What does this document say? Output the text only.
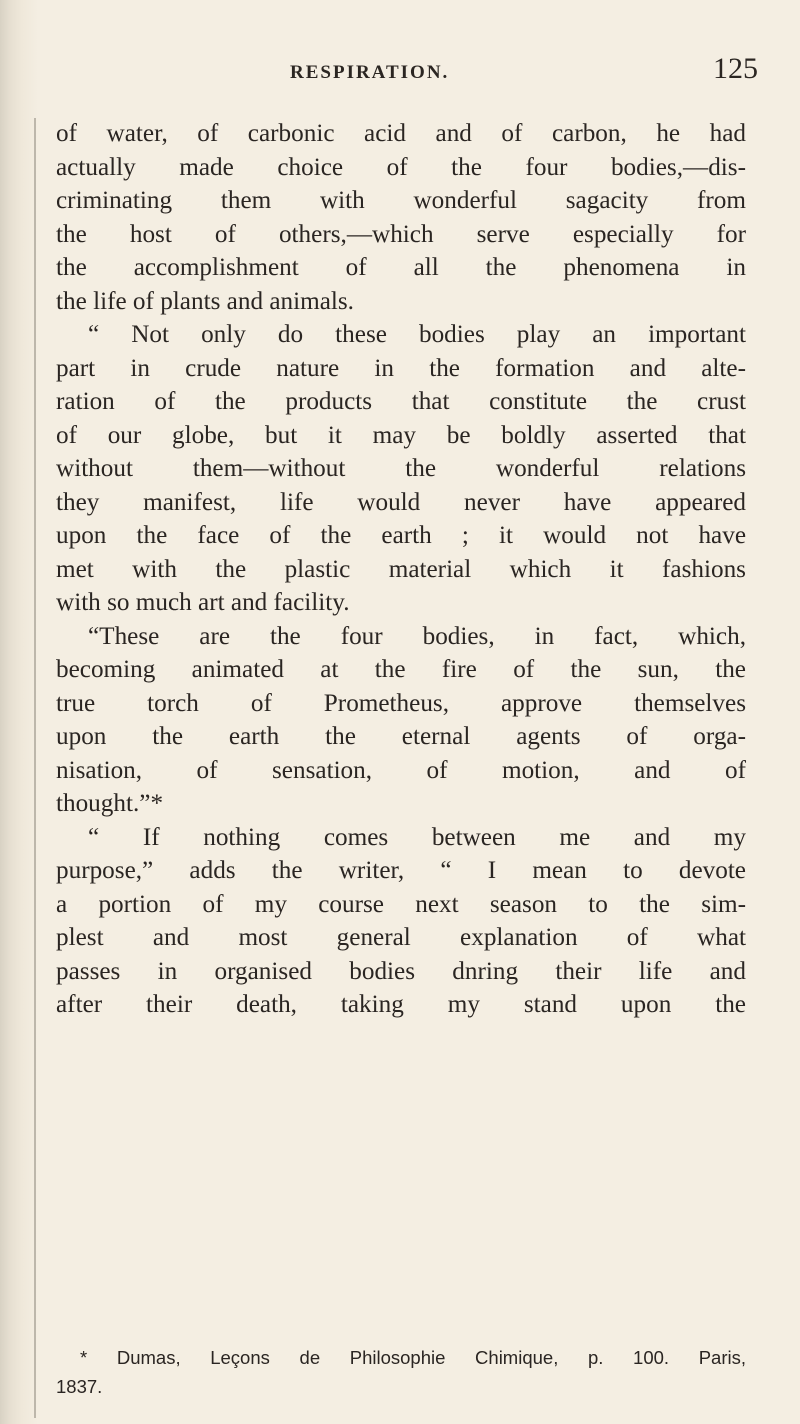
RESPIRATION.	125
of water, of carbonic acid and of carbon, he had
actually made choice of the four bodies,—dis-
criminating them with wonderful sagacity from
the host of others,—which serve especially for
the accomplishment of all the phenomena in
the life of plants and animals.
“ Not only do these bodies play an important
part in crude nature in the formation and alte-
ration of the products that constitute the crust
of our globe, but it may be boldly asserted that
without them—without the wonderful relations
they manifest, life would never have appeared
upon the face of the earth ; it would not have
met with the plastic material which it fashions
with so much art and facility.
“These are the four bodies, in fact, which,
becoming animated at the fire of the sun, the
true torch of Prometheus, approve themselves
upon the earth the eternal agents of orga-
nisation, of sensation, of motion, and of
thought.”*
“ If nothing comes between me and my
purpose,” adds the writer, “ I mean to devote
a portion of my course next season to the sim-
plest and most general explanation of what
passes in organised bodies dnring their life and
after their death, taking my stand upon the
* Dumas, Leçons de Philosophie Chimique, p. 100. Paris,
1837.
